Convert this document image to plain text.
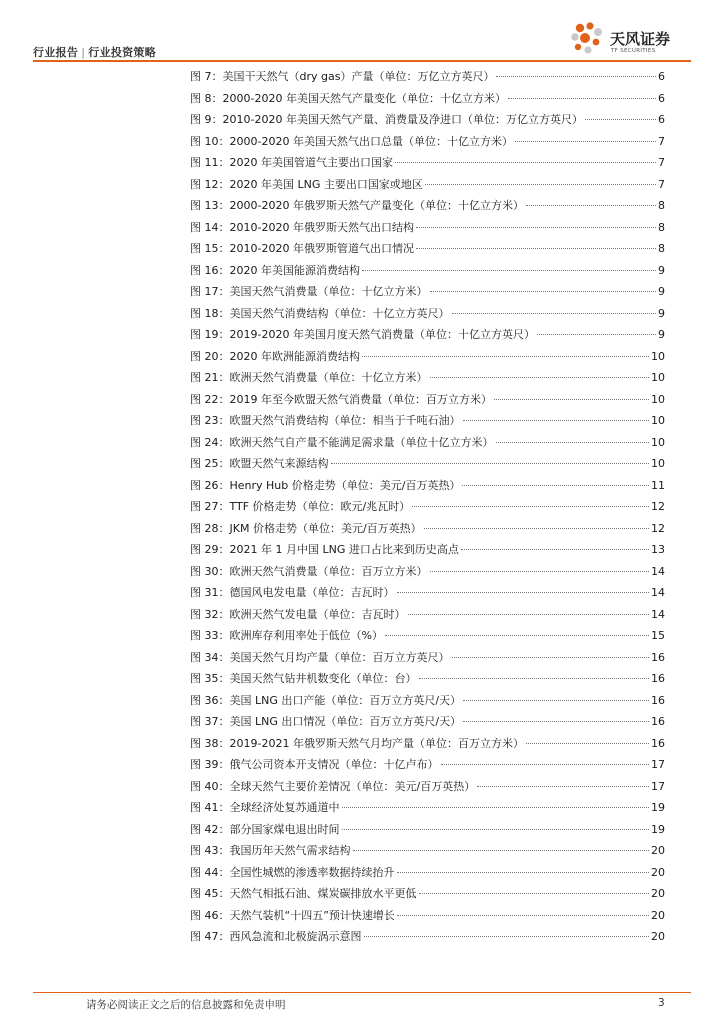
行业报告 | 行业投资策略
天风证券
TF SECURITIES
图 7：美国干天然气（dry gas）产量（单位：万亿立方英尺）	6
图 8：2000-2020 年美国天然气产量变化（单位：十亿立方米）	6
图 9：2010-2020 年美国天然气产量、消费量及净进口（单位：万亿立方英尺）	6
图 10：2000-2020 年美国天然气出口总量（单位：十亿立方米）	7
图 11：2020 年美国管道气主要出口国家	7
图 12：2020 年美国 LNG 主要出口国家或地区	7
图 13：2000-2020 年俄罗斯天然气产量变化（单位：十亿立方米）	8
图 14：2010-2020 年俄罗斯天然气出口结构	8
图 15：2010-2020 年俄罗斯管道气出口情况	8
图 16：2020 年美国能源消费结构	9
图 17：美国天然气消费量（单位：十亿立方米）	9
图 18：美国天然气消费结构（单位：十亿立方英尺）	9
图 19：2019-2020 年美国月度天然气消费量（单位：十亿立方英尺）	9
图 20：2020 年欧洲能源消费结构	10
图 21：欧洲天然气消费量（单位：十亿立方米）	10
图 22：2019 年至今欧盟天然气消费量（单位：百万立方米）	10
图 23：欧盟天然气消费结构（单位：相当于千吨石油）	10
图 24：欧洲天然气自产量不能满足需求量（单位十亿立方米）	10
图 25：欧盟天然气来源结构	10
图 26：Henry Hub 价格走势（单位：美元/百万英热）	11
图 27：TTF 价格走势（单位：欧元/兆瓦时）	12
图 28：JKM 价格走势（单位：美元/百万英热）	12
图 29：2021 年 1 月中国 LNG 进口占比来到历史高点	13
图 30：欧洲天然气消费量（单位：百万立方米）	14
图 31：德国风电发电量（单位：吉瓦时）	14
图 32：欧洲天然气发电量（单位：吉瓦时）	14
图 33：欧洲库存利用率处于低位（%）	15
图 34：美国天然气月均产量（单位：百万立方英尺）	16
图 35：美国天然气钻井机数变化（单位：台）	16
图 36：美国 LNG 出口产能（单位：百万立方英尺/天）	16
图 37：美国 LNG 出口情况（单位：百万立方英尺/天）	16
图 38：2019-2021 年俄罗斯天然气月均产量（单位：百万立方米）	16
图 39：俄气公司资本开支情况（单位：十亿卢布）	17
图 40：全球天然气主要价差情况（单位：美元/百万英热）	17
图 41：全球经济处复苏通道中	19
图 42：部分国家煤电退出时间	19
图 43：我国历年天然气需求结构	20
图 44：全国性城燃的渗透率数据持续抬升	20
图 45：天然气相抵石油、煤炭碳排放水平更低	20
图 46：天然气装机“十四五”预计快速增长	20
图 47：西风急流和北极旋涡示意图	20
请务必阅读正文之后的信息披露和免责申明	3
